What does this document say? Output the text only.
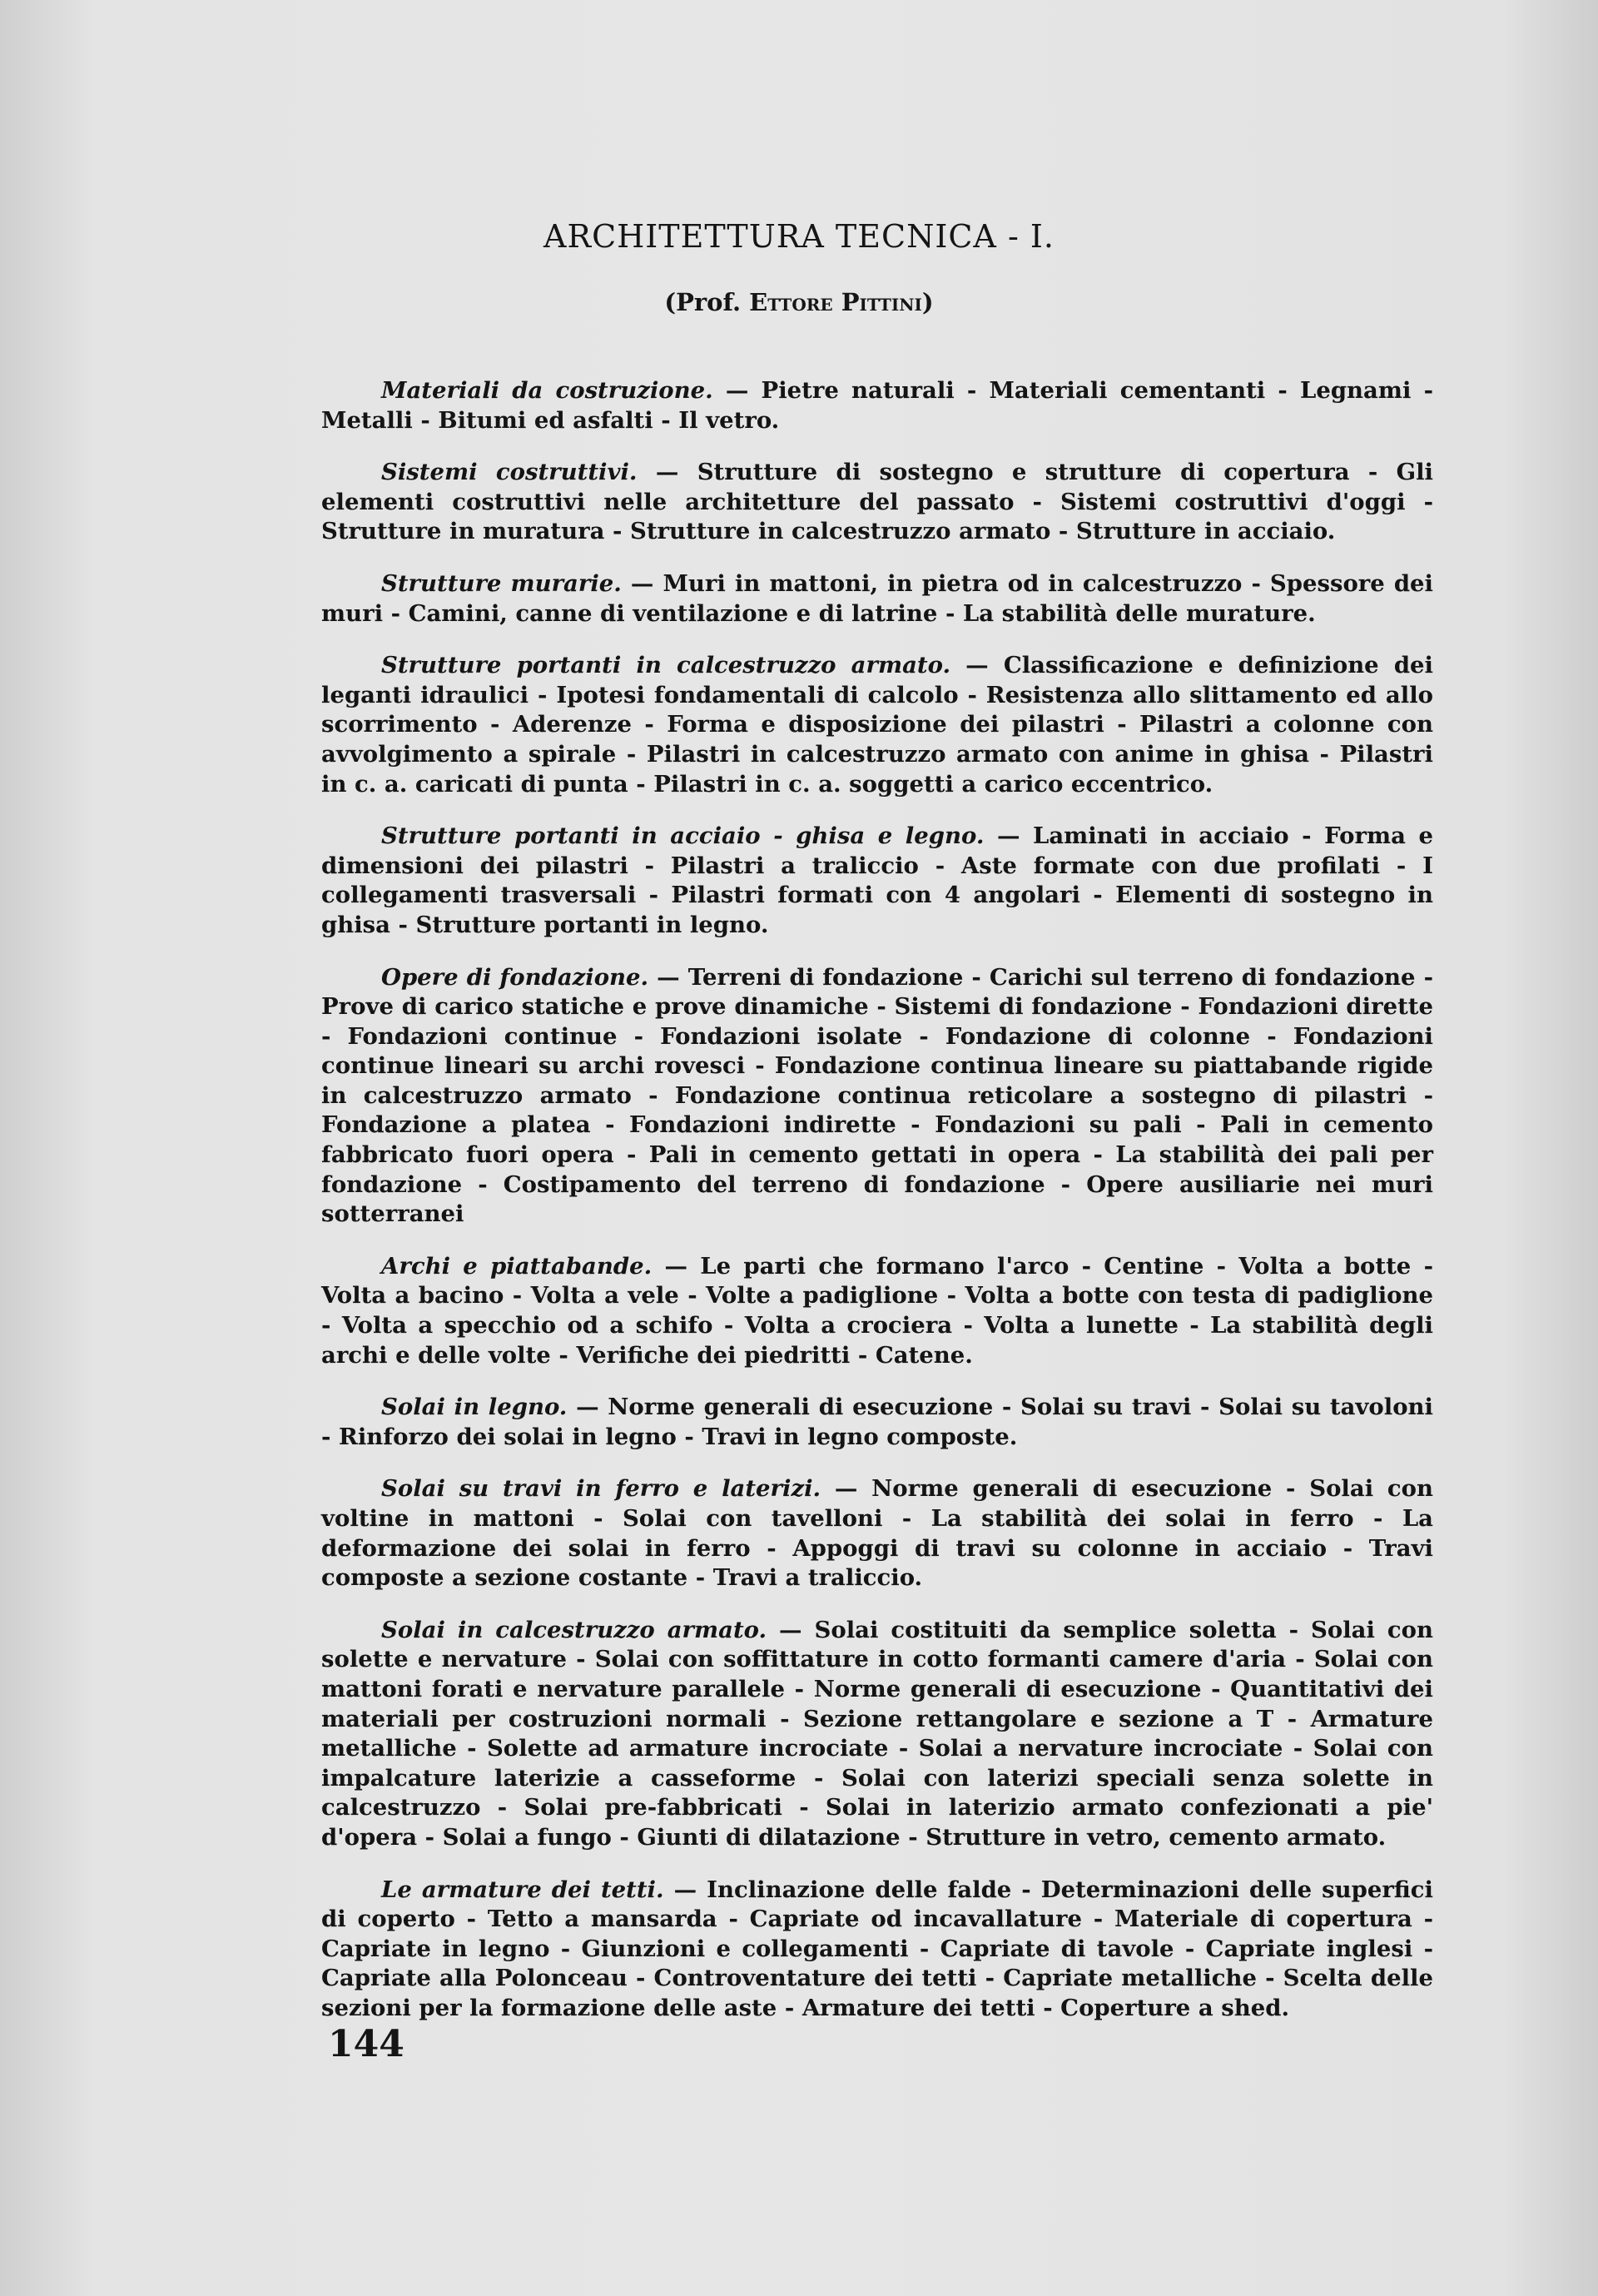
ARCHITETTURA TECNICA - I.
(Prof. Ettore Pittini)

Materiali da costruzione. — Pietre naturali - Materiali cementanti - Legnami - Metalli - Bitumi ed asfalti - Il vetro.

Sistemi costruttivi. — Strutture di sostegno e strutture di copertura - Gli elementi costruttivi nelle architetture del passato - Sistemi costruttivi d'oggi - Strutture in muratura - Strutture in calcestruzzo armato - Strutture in acciaio.

Strutture murarie. — Muri in mattoni, in pietra od in calcestruzzo - Spessore dei muri - Camini, canne di ventilazione e di latrine - La stabilità delle murature.

Strutture portanti in calcestruzzo armato. — Classificazione e definizione dei leganti idraulici - Ipotesi fondamentali di calcolo - Resistenza allo slittamento ed allo scorrimento - Aderenze - Forma e disposizione dei pilastri - Pilastri a colonne con avvolgimento a spirale - Pilastri in calcestruzzo armato con anime in ghisa - Pilastri in c. a. caricati di punta - Pilastri in c. a. soggetti a carico eccentrico.

Strutture portanti in acciaio - ghisa e legno. — Laminati in acciaio - Forma e dimensioni dei pilastri - Pilastri a traliccio - Aste formate con due profilati - I collegamenti trasversali - Pilastri formati con 4 angolari - Elementi di sostegno in ghisa - Strutture portanti in legno.

Opere di fondazione. — Terreni di fondazione - Carichi sul terreno di fondazione - Prove di carico statiche e prove dinamiche - Sistemi di fondazione - Fondazioni dirette - Fondazioni continue - Fondazioni isolate - Fondazione di colonne - Fondazioni continue lineari su archi rovesci - Fondazione continua lineare su piattabande rigide in calcestruzzo armato - Fondazione continua reticolare a sostegno di pilastri - Fondazione a platea - Fondazioni indirette - Fondazioni su pali - Pali in cemento fabbricato fuori opera - Pali in cemento gettati in opera - La stabilità dei pali per fondazione - Costipamento del terreno di fondazione - Opere ausiliarie nei muri sotterranei

Archi e piattabande. — Le parti che formano l'arco - Centine - Volta a botte - Volta a bacino - Volta a vele - Volte a padiglione - Volta a botte con testa di padiglione - Volta a specchio od a schifo - Volta a crociera - Volta a lunette - La stabilità degli archi e delle volte - Verifiche dei piedritti - Catene.

Solai in legno. — Norme generali di esecuzione - Solai su travi - Solai su tavoloni - Rinforzo dei solai in legno - Travi in legno composte.

Solai su travi in ferro e laterizi. — Norme generali di esecuzione - Solai con voltine in mattoni - Solai con tavelloni - La stabilità dei solai in ferro - La deformazione dei solai in ferro - Appoggi di travi su colonne in acciaio - Travi composte a sezione costante - Travi a traliccio.

Solai in calcestruzzo armato. — Solai costituiti da semplice soletta - Solai con solette e nervature - Solai con soffittature in cotto formanti camere d'aria - Solai con mattoni forati e nervature parallele - Norme generali di esecuzione - Quantitativi dei materiali per costruzioni normali - Sezione rettangolare e sezione a T - Armature metalliche - Solette ad armature incrociate - Solai a nervature incrociate - Solai con impalcature laterizie a casseforme - Solai con laterizi speciali senza solette in calcestruzzo - Solai pre-fabbricati - Solai in laterizio armato confezionati a pie' d'opera - Solai a fungo - Giunti di dilatazione - Strutture in vetro, cemento armato.

Le armature dei tetti. — Inclinazione delle falde - Determinazioni delle superfici di coperto - Tetto a mansarda - Capriate od incavallature - Materiale di copertura - Capriate in legno - Giunzioni e collegamenti - Capriate di tavole - Capriate inglesi - Capriate alla Polonceau - Controventature dei tetti - Capriate metalliche - Scelta delle sezioni per la formazione delle aste - Armature dei tetti - Coperture a shed.

144
